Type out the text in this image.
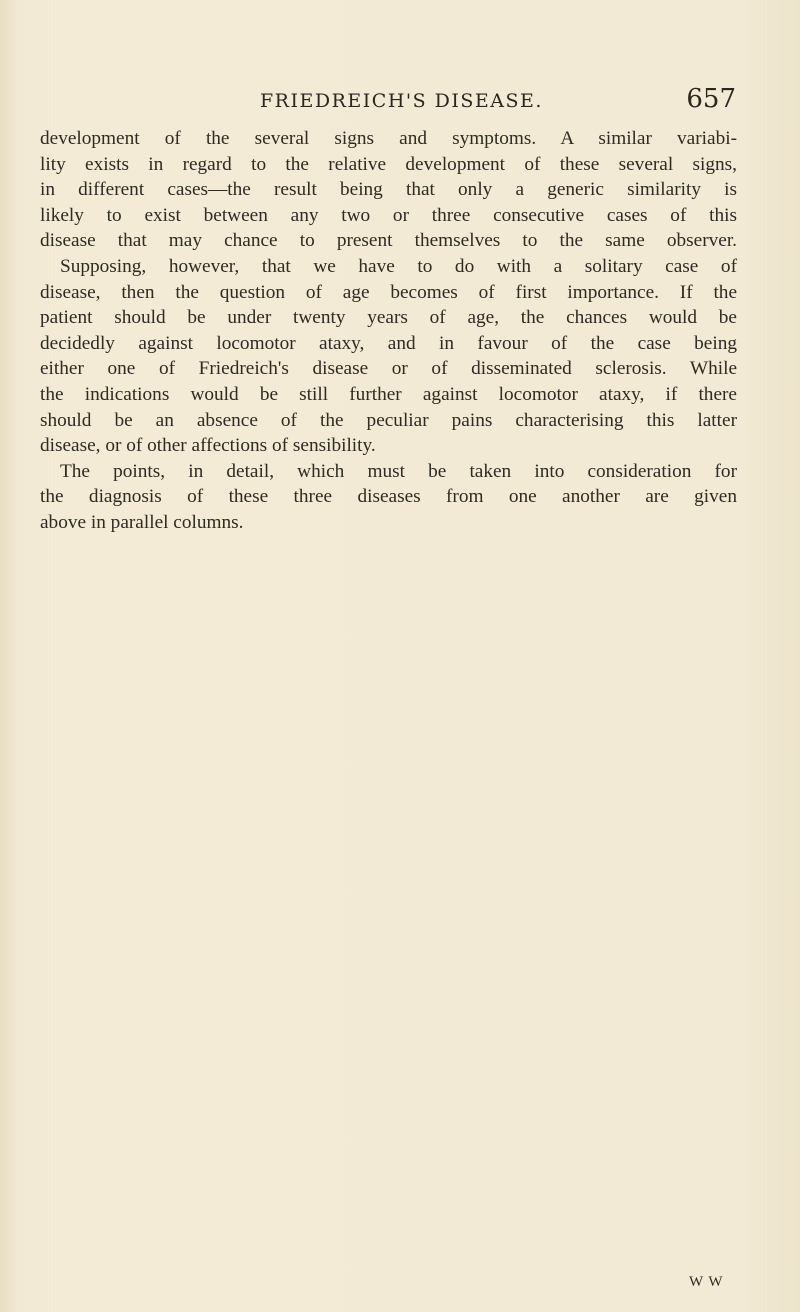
FRIEDREICH'S DISEASE.	657

development of the several signs and symptoms. A similar variabi-
lity exists in regard to the relative development of these several signs,
in different cases—the result being that only a generic similarity is
likely to exist between any two or three consecutive cases of this
disease that may chance to present themselves to the same observer.

Supposing, however, that we have to do with a solitary case of
disease, then the question of age becomes of first importance. If the
patient should be under twenty years of age, the chances would be
decidedly against locomotor ataxy, and in favour of the case being
either one of Friedreich's disease or of disseminated sclerosis. While
the indications would be still further against locomotor ataxy, if there
should be an absence of the peculiar pains characterising this latter
disease, or of other affections of sensibility.

The points, in detail, which must be taken into consideration for
the diagnosis of these three diseases from one another are given
above in parallel columns.

W W
